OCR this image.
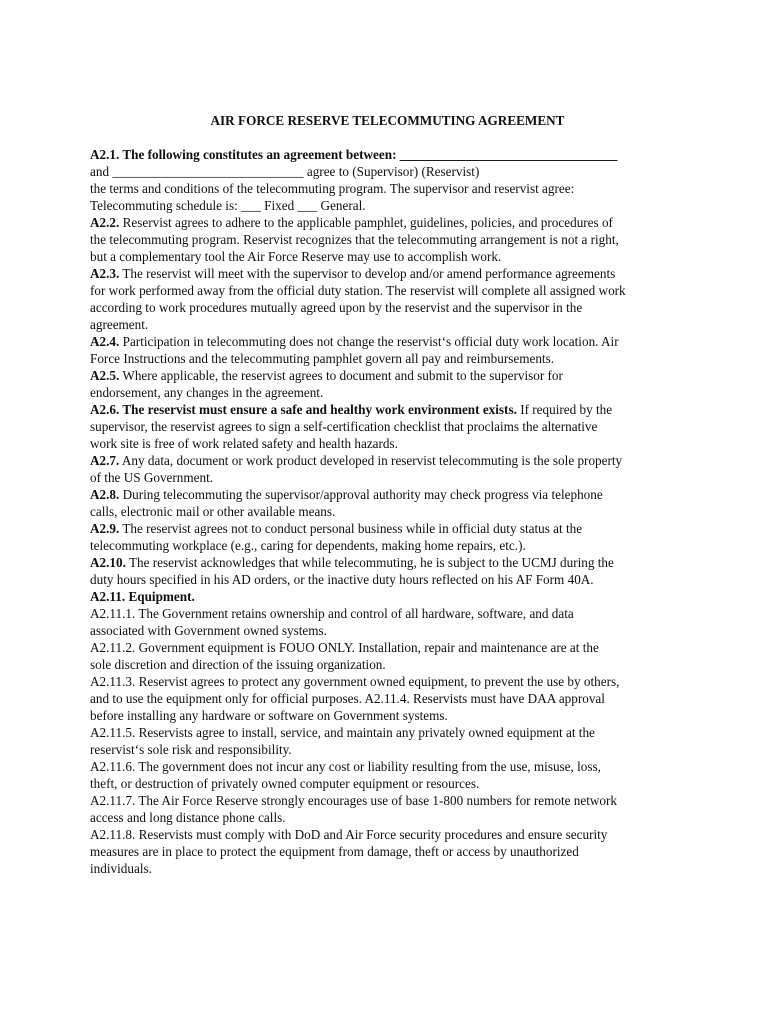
AIR FORCE RESERVE TELECOMMUTING AGREEMENT
A2.1. The following constitutes an agreement between: _________________________________
and _____________________________ agree to (Supervisor) (Reservist)
the terms and conditions of the telecommuting program. The supervisor and reservist agree:
Telecommuting schedule is: ___ Fixed ___ General.
A2.2. Reservist agrees to adhere to the applicable pamphlet, guidelines, policies, and procedures of
the telecommuting program. Reservist recognizes that the telecommuting arrangement is not a right,
but a complementary tool the Air Force Reserve may use to accomplish work.
A2.3. The reservist will meet with the supervisor to develop and/or amend performance agreements
for work performed away from the official duty station. The reservist will complete all assigned work
according to work procedures mutually agreed upon by the reservist and the supervisor in the
agreement.
A2.4. Participation in telecommuting does not change the reservist‘s official duty work location. Air
Force Instructions and the telecommuting pamphlet govern all pay and reimbursements.
A2.5. Where applicable, the reservist agrees to document and submit to the supervisor for
endorsement, any changes in the agreement.
A2.6. The reservist must ensure a safe and healthy work environment exists. If required by the
supervisor, the reservist agrees to sign a self-certification checklist that proclaims the alternative
work site is free of work related safety and health hazards.
A2.7. Any data, document or work product developed in reservist telecommuting is the sole property
of the US Government.
A2.8. During telecommuting the supervisor/approval authority may check progress via telephone
calls, electronic mail or other available means.
A2.9. The reservist agrees not to conduct personal business while in official duty status at the
telecommuting workplace (e.g., caring for dependents, making home repairs, etc.).
A2.10. The reservist acknowledges that while telecommuting, he is subject to the UCMJ during the
duty hours specified in his AD orders, or the inactive duty hours reflected on his AF Form 40A.
A2.11. Equipment.
A2.11.1. The Government retains ownership and control of all hardware, software, and data
associated with Government owned systems.
A2.11.2. Government equipment is FOUO ONLY. Installation, repair and maintenance are at the
sole discretion and direction of the issuing organization.
A2.11.3. Reservist agrees to protect any government owned equipment, to prevent the use by others,
and to use the equipment only for official purposes. A2.11.4. Reservists must have DAA approval
before installing any hardware or software on Government systems.
A2.11.5. Reservists agree to install, service, and maintain any privately owned equipment at the
reservist‘s sole risk and responsibility.
A2.11.6. The government does not incur any cost or liability resulting from the use, misuse, loss,
theft, or destruction of privately owned computer equipment or resources.
A2.11.7. The Air Force Reserve strongly encourages use of base 1-800 numbers for remote network
access and long distance phone calls.
A2.11.8. Reservists must comply with DoD and Air Force security procedures and ensure security
measures are in place to protect the equipment from damage, theft or access by unauthorized
individuals.
